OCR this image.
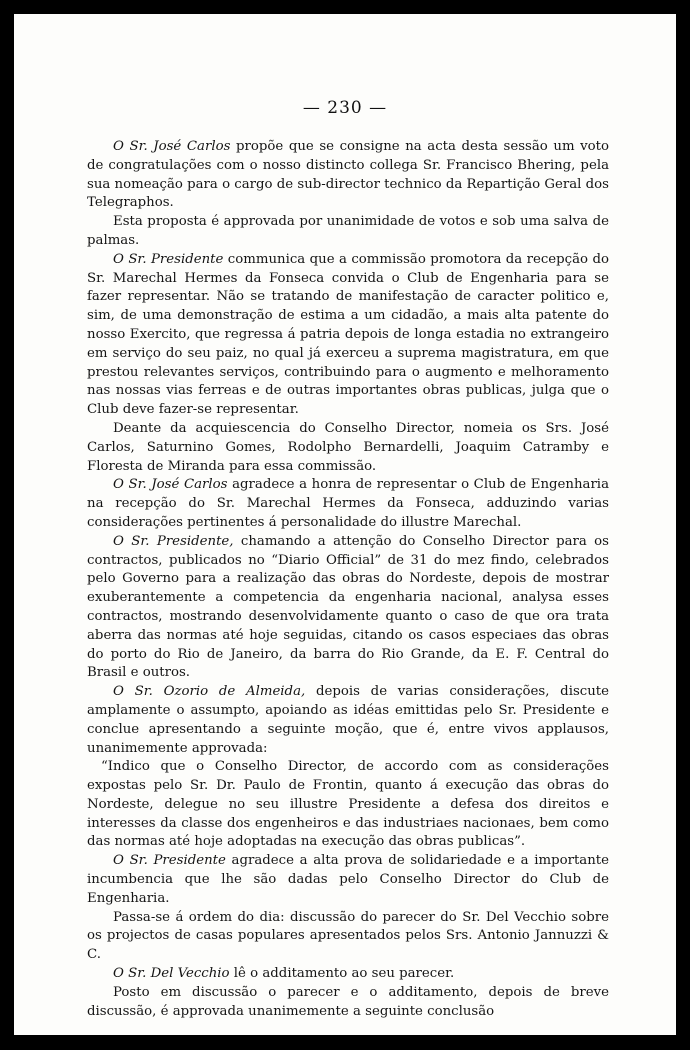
— 230 —

O Sr. José Carlos propõe que se consigne na acta desta sessão um voto de congratulações com o nosso distincto collega Sr. Francisco Bhering, pela sua nomeação para o cargo de sub-director technico da Repartição Geral dos Telegraphos.

Esta proposta é approvada por unanimidade de votos e sob uma salva de palmas.

O Sr. Presidente communica que a commissão promotora da recepção do Sr. Marechal Hermes da Fonseca convida o Club de Engenharia para se fazer representar. Não se tratando de manifestação de caracter politico e, sim, de uma demonstração de estima a um cidadão, a mais alta patente do nosso Exercito, que regressa á patria depois de longa estadia no extrangeiro em serviço do seu paiz, no qual já exerceu a suprema magistratura, em que prestou relevantes serviços, contribuindo para o augmento e melhoramento nas nossas vias ferreas e de outras importantes obras publicas, julga que o Club deve fazer-se representar.

Deante da acquiescencia do Conselho Director, nomeia os Srs. José Carlos, Saturnino Gomes, Rodolpho Bernardelli, Joaquim Catramby e Floresta de Miranda para essa commissão.

O Sr. José Carlos agradece a honra de representar o Club de Engenharia na recepção do Sr. Marechal Hermes da Fonseca, adduzindo varias considerações pertinentes á personalidade do illustre Marechal.

O Sr. Presidente, chamando a attenção do Conselho Director para os contractos, publicados no “Diario Official” de 31 do mez findo, celebrados pelo Governo para a realização das obras do Nordeste, depois de mostrar exuberantemente a competencia da engenharia nacional, analysa esses contractos, mostrando desenvolvidamente quanto o caso de que ora trata aberra das normas até hoje seguidas, citando os casos especiaes das obras do porto do Rio de Janeiro, da barra do Rio Grande, da E. F. Central do Brasil e outros.

O Sr. Ozorio de Almeida, depois de varias considerações, discute amplamente o assumpto, apoiando as idéas emittidas pelo Sr. Presidente e conclue apresentando a seguinte moção, que é, entre vivos applausos, unanimemente approvada:

“Indico que o Conselho Director, de accordo com as considerações expostas pelo Sr. Dr. Paulo de Frontin, quanto á execução das obras do Nordeste, delegue no seu illustre Presidente a defesa dos direitos e interesses da classe dos engenheiros e das industriaes nacionaes, bem como das normas até hoje adoptadas na execução das obras publicas”.

O Sr. Presidente agradece a alta prova de solidariedade e a importante incumbencia que lhe são dadas pelo Conselho Director do Club de Engenharia.

Passa-se á ordem do dia: discussão do parecer do Sr. Del Vecchio sobre os projectos de casas populares apresentados pelos Srs. Antonio Jannuzzi & C.

O Sr. Del Vecchio lê o additamento ao seu parecer.

Posto em discussão o parecer e o additamento, depois de breve discussão, é approvada unanimemente a seguinte conclusão
